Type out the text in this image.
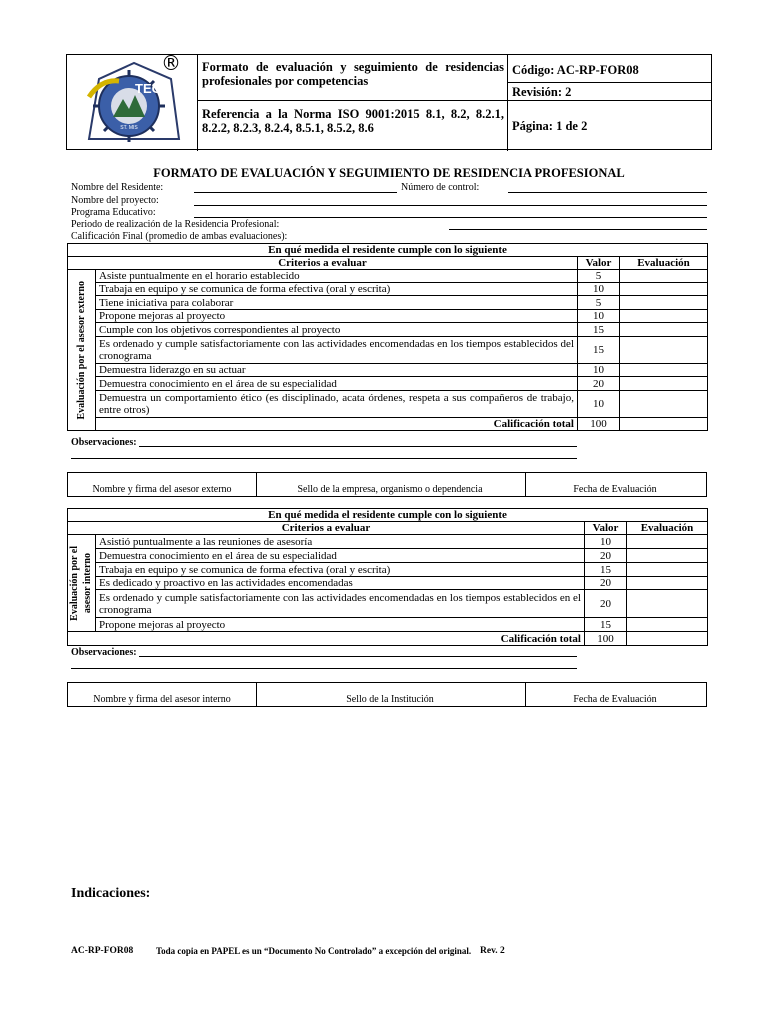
TEC
ST. MIS
® Formato de evaluación y seguimiento de residencias profesionales por competencias
Referencia a la Norma ISO 9001:2015 8.1, 8.2, 8.2.1, 8.2.2, 8.2.3, 8.2.4, 8.5.1, 8.5.2, 8.6
Código: AC-RP-FOR08
Revisión: 2
Página: 1 de 2
FORMATO DE EVALUACIÓN Y SEGUIMIENTO DE RESIDENCIA PROFESIONAL
Nombre del Residente:	Número de control:
Nombre del proyecto:
Programa Educativo:
Periodo de realización de la Residencia Profesional:
Calificación Final (promedio de ambas evaluaciones):
En qué medida el residente cumple con lo siguiente			
Criterios a evaluar		Valor	Evaluación

Evaluación por el asesor externo	Asiste puntualmente en el horario establecido	5	
	Trabaja en equipo y se comunica de forma efectiva (oral y escrita)	10	
	Tiene iniciativa para colaborar	5	
	Propone mejoras al proyecto	10	
	Cumple con los objetivos correspondientes al proyecto	15	
	Es ordenado y cumple satisfactoriamente con las actividades encomendadas en los tiempos establecidos del cronograma	15	
	Demuestra liderazgo en su actuar	10	
	Demuestra conocimiento en el área de su especialidad	20	
	Demuestra un comportamiento ético (es disciplinado, acata órdenes, respeta a sus compañeros de trabajo, entre otros)	10	
	Calificación total	100	
Observaciones:
Nombre y firma del asesor externo	Sello de la empresa, organismo o dependencia	Fecha de Evaluación
En qué medida el residente cumple con lo siguiente			
Criterios a evaluar		Valor	Evaluación

Evaluación por el asesor interno	Asistió puntualmente a las reuniones de asesoría	10	
	Demuestra conocimiento en el área de su especialidad	20	
	Trabaja en equipo y se comunica de forma efectiva (oral y escrita)	15	
	Es dedicado y proactivo en las actividades encomendadas	20	
	Es ordenado y cumple satisfactoriamente con las actividades encomendadas en los tiempos establecidos en el cronograma	20	
	Propone mejoras al proyecto	15	
Calificación total		100	
Observaciones:
Nombre y firma del asesor interno	Sello de la Institución	Fecha de Evaluación
Indicaciones:
AC-RP-FOR08	Toda copia en PAPEL es un “Documento No Controlado” a excepción del original. Rev. 2
